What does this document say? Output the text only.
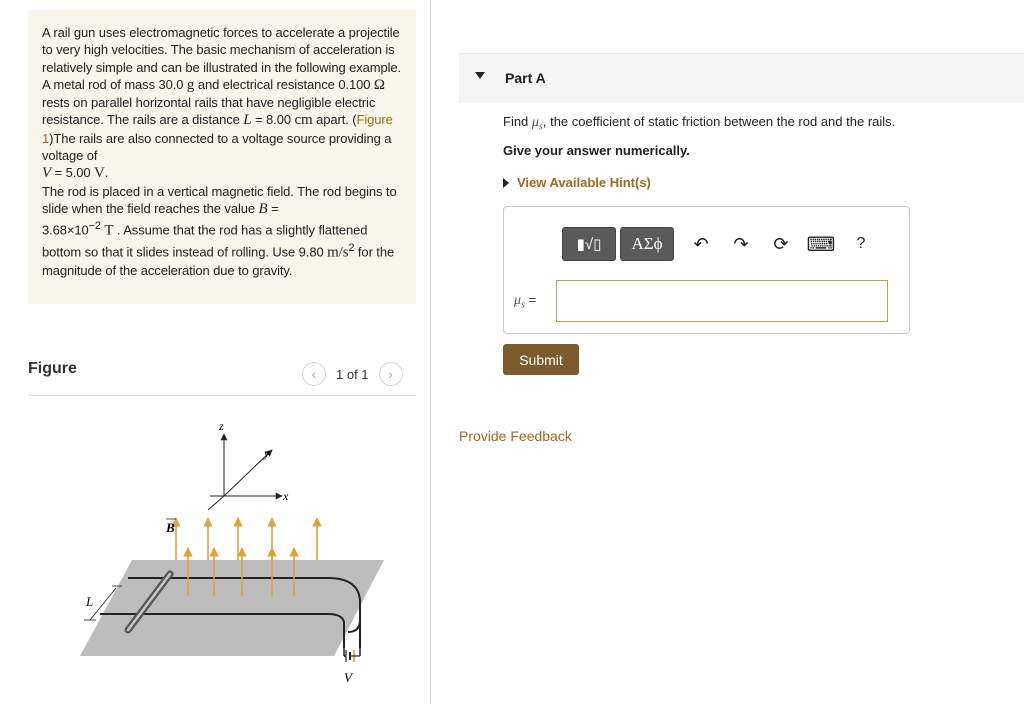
A rail gun uses electromagnetic forces to accelerate a projectile to very high velocities. The basic mechanism of acceleration is relatively simple and can be illustrated in the following example. A metal rod of mass 30.0 g and electrical resistance 0.100 Ω rests on parallel horizontal rails that have negligible electric resistance. The rails are a distance L = 8.00 cm apart. (Figure 1)The rails are also connected to a voltage source providing a voltage of
V = 5.00 V.

The rod is placed in a vertical magnetic field. The rod begins to slide when the field reaches the value B =
$3.68\times 10^{-2}$ T . Assume that the rod has a slightly flattened bottom so that it slides instead of rolling. Use 9.80 $m/s^2$ for the magnitude of the acceleration due to gravity.

Figure	‹ 1 of 1 ›
z
y
x
B
L
V
Part A
Find $\mu_s$, the coefficient of static friction between the rod and the rails.
Give your answer numerically.
View Available Hint(s)
▮√▯ ΑΣϕ ↶ ↷ ⟳ ⌨ ?
$\mu_s$ =
Submit
Provide Feedback
